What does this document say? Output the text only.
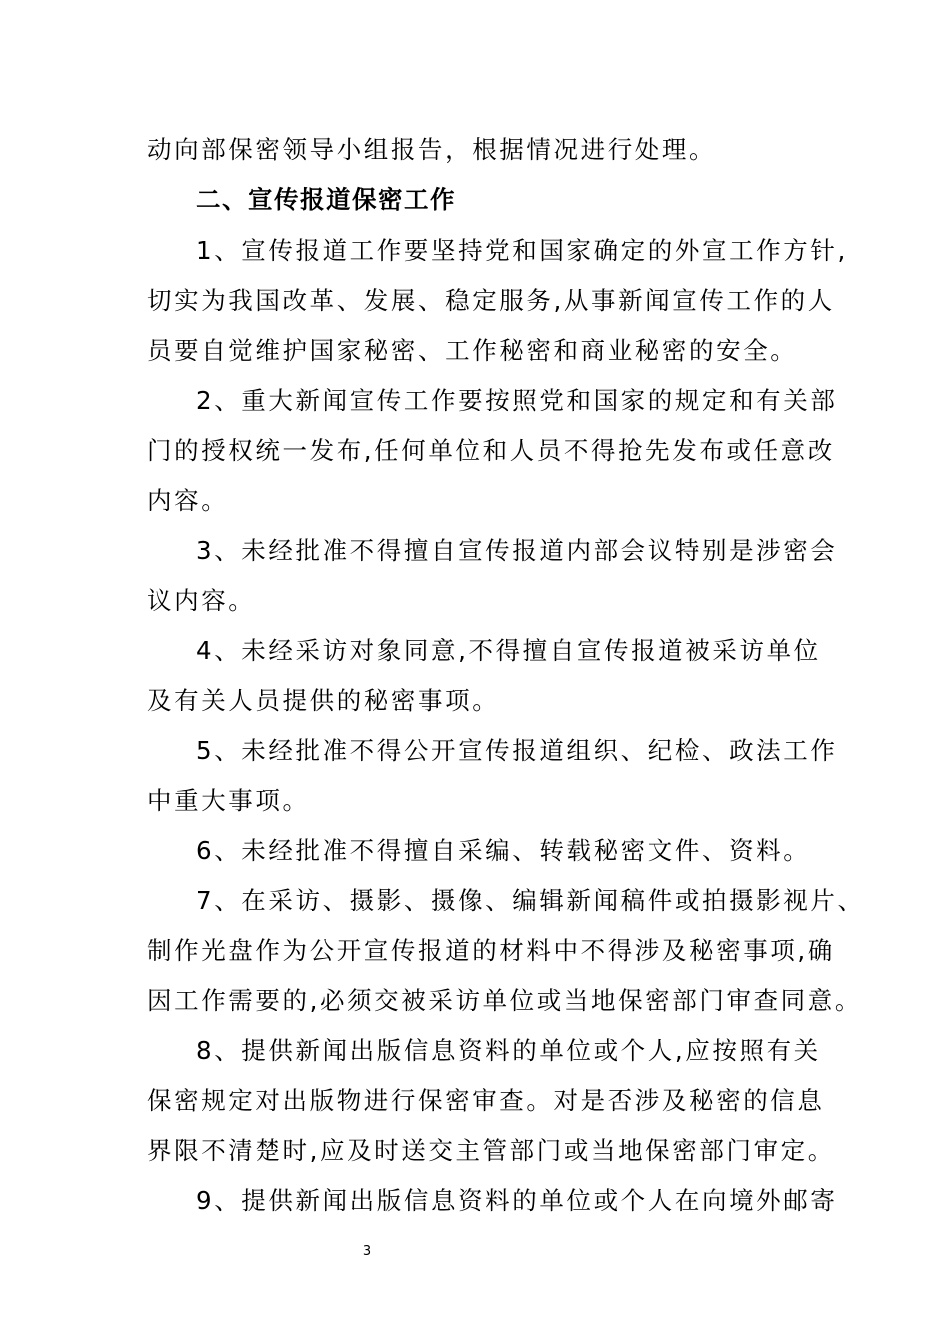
动向部保密领导小组报告，根据情况进行处理。
二、宣传报道保密工作
1、宣传报道工作要坚持党和国家确定的外宣工作方针,
切实为我国改革、发展、稳定服务,从事新闻宣传工作的人
员要自觉维护国家秘密、工作秘密和商业秘密的安全。
2、重大新闻宣传工作要按照党和国家的规定和有关部
门的授权统一发布,任何单位和人员不得抢先发布或任意改
内容。
3、未经批准不得擅自宣传报道内部会议特别是涉密会
议内容。
4、未经采访对象同意,不得擅自宣传报道被采访单位
及有关人员提供的秘密事项。
5、未经批准不得公开宣传报道组织、纪检、政法工作
中重大事项。
6、未经批准不得擅自采编、转载秘密文件、资料。
7、在采访、摄影、摄像、编辑新闻稿件或拍摄影视片、
制作光盘作为公开宣传报道的材料中不得涉及秘密事项,确
因工作需要的,必须交被采访单位或当地保密部门审查同意。
8、提供新闻出版信息资料的单位或个人,应按照有关
保密规定对出版物进行保密审查。对是否涉及秘密的信息
界限不清楚时,应及时送交主管部门或当地保密部门审定。
9、提供新闻出版信息资料的单位或个人在向境外邮寄
3
